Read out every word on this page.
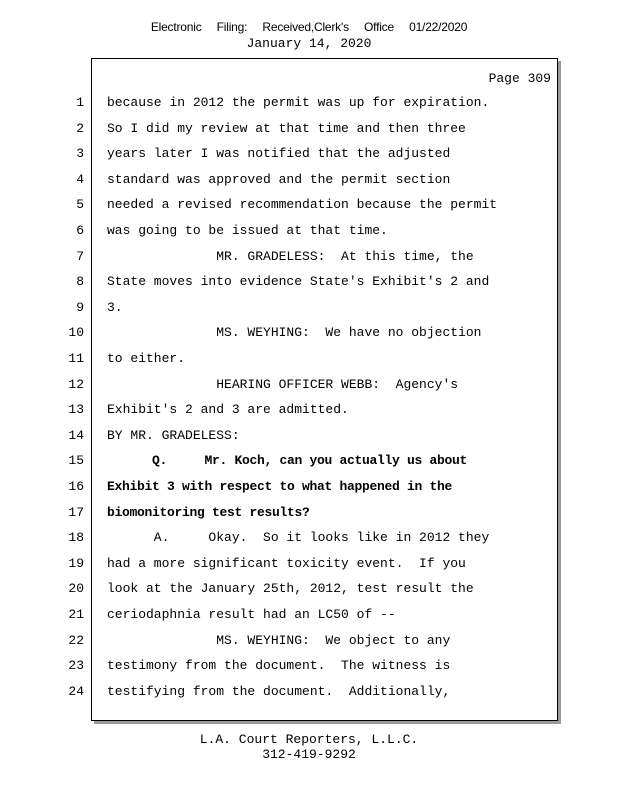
Electronic Filing: Received,Clerk's Office 01/22/2020
January 14, 2020
Page 309
1 because in 2012 the permit was up for expiration.
2 So I did my review at that time and then three
3 years later I was notified that the adjusted
4 standard was approved and the permit section
5 needed a revised recommendation because the permit
6 was going to be issued at that time.
7 MR. GRADELESS:  At this time, the
8 State moves into evidence State's Exhibit's 2 and
9 3.
10 MS. WEYHING:  We have no objection
11 to either.
12 HEARING OFFICER WEBB:  Agency's
13 Exhibit's 2 and 3 are admitted.
14 BY MR. GRADELESS:
15 Q.     Mr. Koch, can you actually us about
16 Exhibit 3 with respect to what happened in the
17 biomonitoring test results?
18 A.     Okay.  So it looks like in 2012 they
19 had a more significant toxicity event.  If you
20 look at the January 25th, 2012, test result the
21 ceriodaphnia result had an LC50 of --
22 MS. WEYHING:  We object to any
23 testimony from the document.  The witness is
24 testifying from the document.  Additionally,
L.A. Court Reporters, L.L.C.
312-419-9292
